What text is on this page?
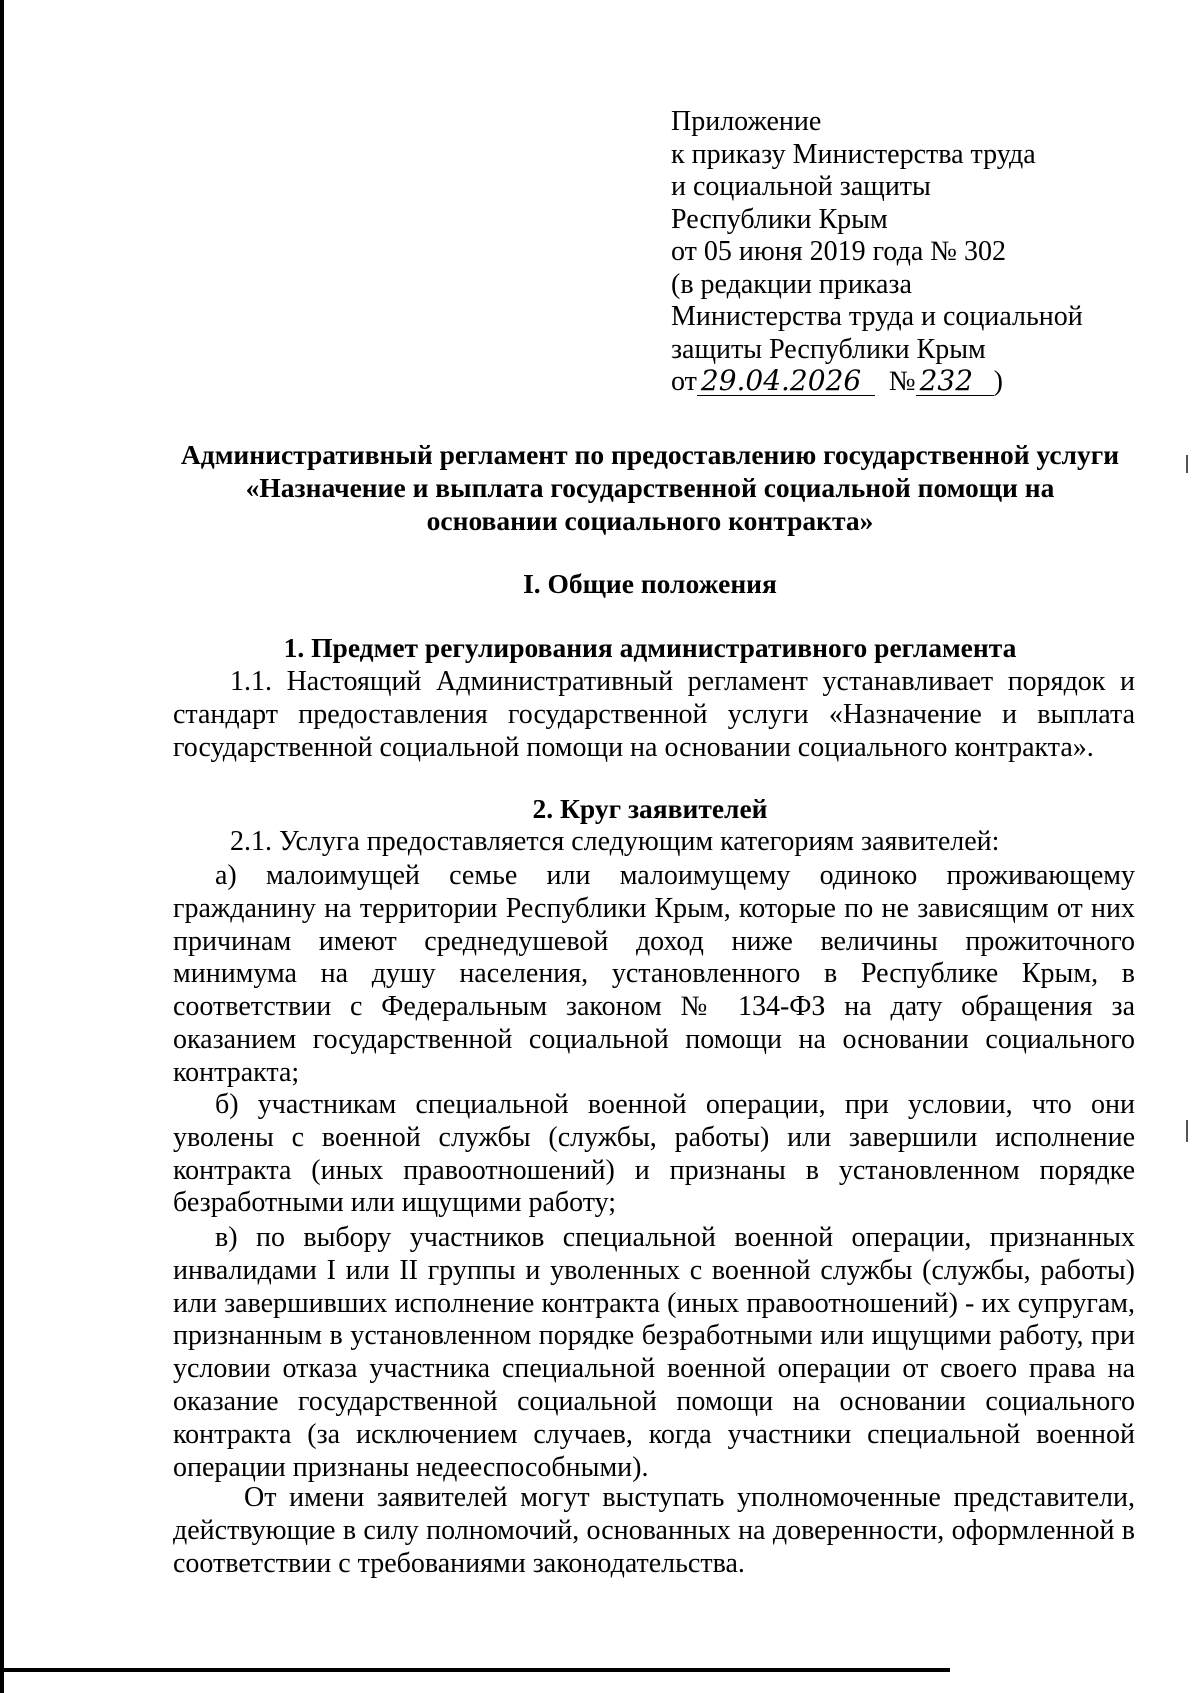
Приложение
к приказу Министерства труда
и социальной защиты
Республики Крым
от 05 июня 2019 года № 302
(в редакции приказа
Министерства труда и социальной
защиты Республики Крым
от 29.04.2026 № 232 )
Административный регламент по предоставлению государственной услуги
«Назначение и выплата государственной социальной помощи на
основании социального контракта»
I. Общие положения
1. Предмет регулирования административного регламента

1.1. Настоящий Административный регламент устанавливает порядок и стандарт предоставления государственной услуги «Назначение и выплата государственной социальной помощи на основании социального контракта».

2. Круг заявителей

2.1. Услуга предоставляется следующим категориям заявителей:

а) малоимущей семье или малоимущему одиноко проживающему гражданину на территории Республики Крым, которые по не зависящим от них причинам имеют среднедушевой доход ниже величины прожиточного минимума на душу населения, установленного в Республике Крым, в соответствии с Федеральным законом № 134-ФЗ на дату обращения за оказанием государственной социальной помощи на основании социального контракта;

б) участникам специальной военной операции, при условии, что они уволены с военной службы (службы, работы) или завершили исполнение контракта (иных правоотношений) и признаны в установленном порядке безработными или ищущими работу;

в) по выбору участников специальной военной операции, признанных инвалидами I или II группы и уволенных с военной службы (службы, работы) или завершивших исполнение контракта (иных правоотношений) - их супругам, признанным в установленном порядке безработными или ищущими работу, при условии отказа участника специальной военной операции от своего права на оказание государственной социальной помощи на основании социального контракта (за исключением случаев, когда участники специальной военной операции признаны недееспособными).

От имени заявителей могут выступать уполномоченные представители, действующие в силу полномочий, основанных на доверенности, оформленной в соответствии с требованиями законодательства.
